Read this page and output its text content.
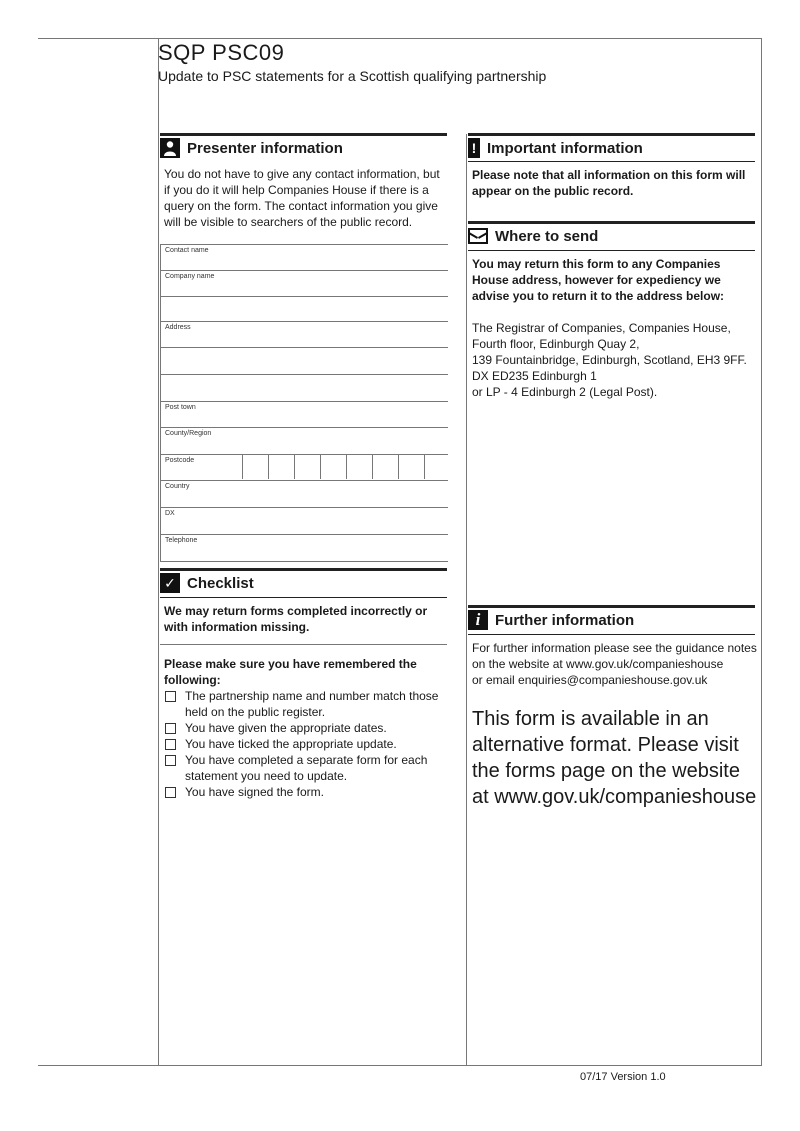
SQP PSC09
Update to PSC statements for a Scottish qualifying partnership
Presenter information
You do not have to give any contact information, but if you do it will help Companies House if there is a query on the form. The contact information you give will be visible to searchers of the public record.
Contact name
Company name
Address
Post town
County/Region
Postcode
Country
DX
Telephone
✓ Checklist
We may return forms completed incorrectly or with information missing.
Please make sure you have remembered the following:
The partnership name and number match those held on the public register.
You have given the appropriate dates.
You have ticked the appropriate update.
You have completed a separate form for each statement you need to update.
You have signed the form.
! Important information
Please note that all information on this form will appear on the public record.
Where to send
You may return this form to any Companies House address, however for expediency we advise you to return it to the address below:
The Registrar of Companies, Companies House,
Fourth floor, Edinburgh Quay 2,
139 Fountainbridge, Edinburgh, Scotland, EH3 9FF.
DX ED235 Edinburgh 1
or LP - 4 Edinburgh 2 (Legal Post).
i Further information
For further information please see the guidance notes
on the website at www.gov.uk/companieshouse
or email enquiries@companieshouse.gov.uk
This form is available in an alternative format. Please visit the forms page on the website at www.gov.uk/companieshouse
07/17 Version 1.0
